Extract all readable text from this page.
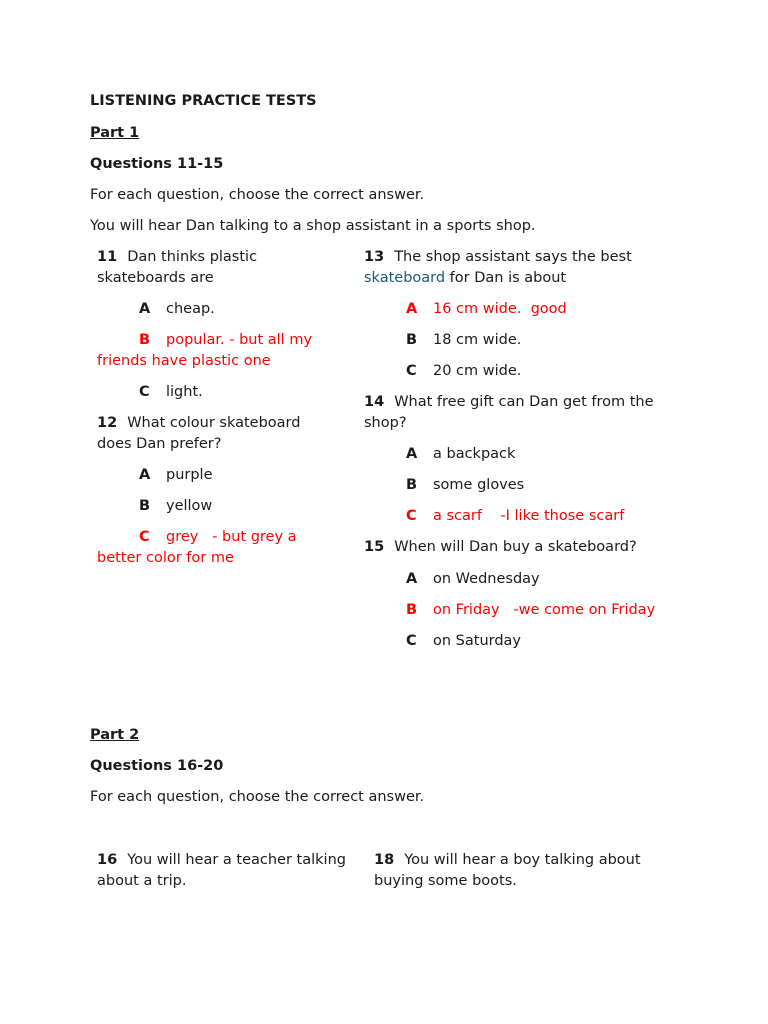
LISTENING PRACTICE TESTS
Part 1
Questions 11-15
For each question, choose the correct answer.
You will hear Dan talking to a shop assistant in a sports shop.
11 Dan thinks plastic
skateboards are
A cheap.
B popular. - but all my
friends have plastic one
C light.
12 What colour skateboard
does Dan prefer?
A purple
B yellow
C grey   - but grey a
better color for me
13 The shop assistant says the best
skateboard for Dan is about
A 16 cm wide.  good
B 18 cm wide.
C 20 cm wide.
14 What free gift can Dan get from the
shop?
A a backpack
B some gloves
C a scarf    -I like those scarf
15 When will Dan buy a skateboard?
A on Wednesday
B on Friday   -we come on Friday
C on Saturday
Part 2
Questions 16-20
For each question, choose the correct answer.
16 You will hear a teacher talking
about a trip.
18 You will hear a boy talking about
buying some boots.
